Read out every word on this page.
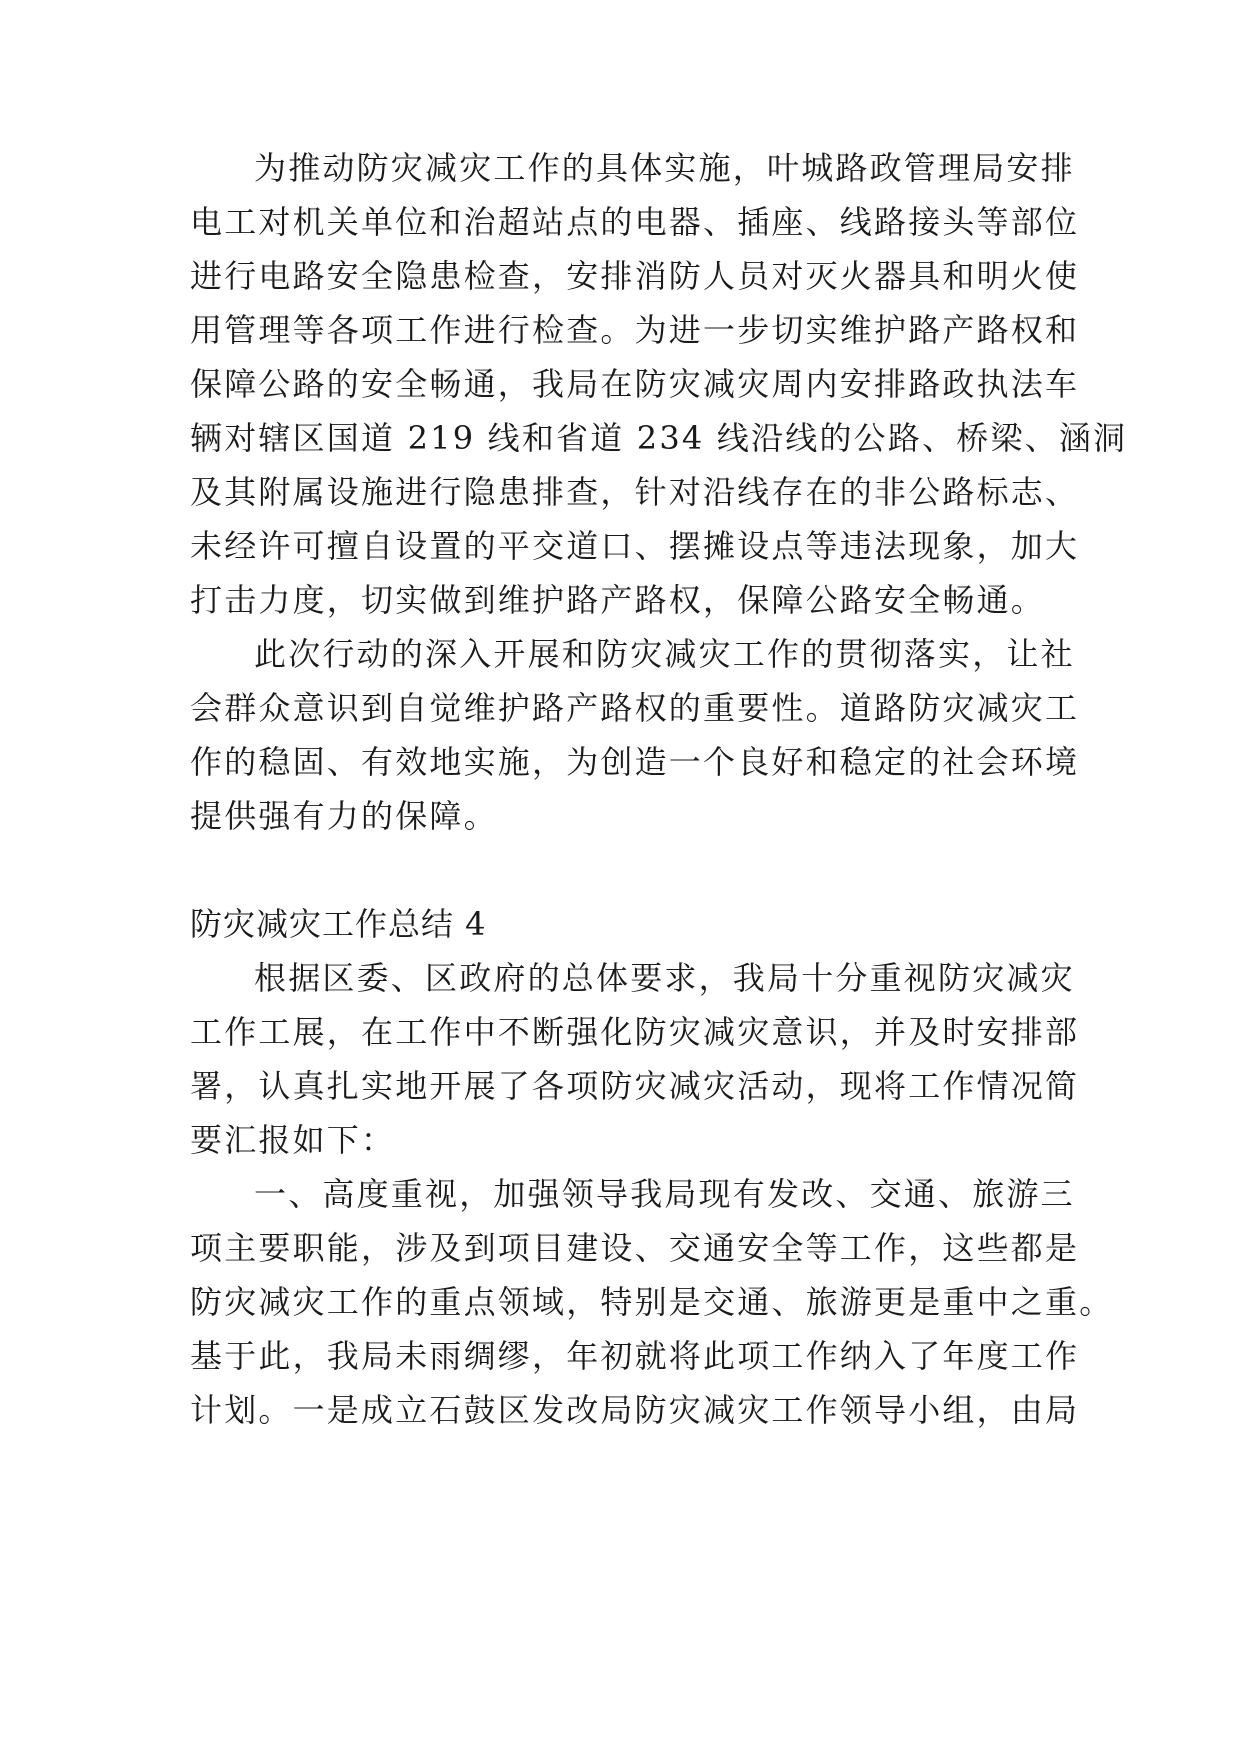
为推动防灾减灾工作的具体实施，叶城路政管理局安排
电工对机关单位和治超站点的电器、插座、线路接头等部位
进行电路安全隐患检查，安排消防人员对灭火器具和明火使
用管理等各项工作进行检查。为进一步切实维护路产路权和
保障公路的安全畅通，我局在防灾减灾周内安排路政执法车
辆对辖区国道 219 线和省道 234 线沿线的公路、桥梁、涵洞
及其附属设施进行隐患排查，针对沿线存在的非公路标志、
未经许可擅自设置的平交道口、摆摊设点等违法现象，加大
打击力度，切实做到维护路产路权，保障公路安全畅通。
此次行动的深入开展和防灾减灾工作的贯彻落实，让社
会群众意识到自觉维护路产路权的重要性。道路防灾减灾工
作的稳固、有效地实施，为创造一个良好和稳定的社会环境
提供强有力的保障。
防灾减灾工作总结 4
根据区委、区政府的总体要求，我局十分重视防灾减灾
工作工展，在工作中不断强化防灾减灾意识，并及时安排部
署，认真扎实地开展了各项防灾减灾活动，现将工作情况简
要汇报如下：
一、高度重视，加强领导我局现有发改、交通、旅游三
项主要职能，涉及到项目建设、交通安全等工作，这些都是
防灾减灾工作的重点领域，特别是交通、旅游更是重中之重。
基于此，我局未雨绸缪，年初就将此项工作纳入了年度工作
计划。一是成立石鼓区发改局防灾减灾工作领导小组，由局
